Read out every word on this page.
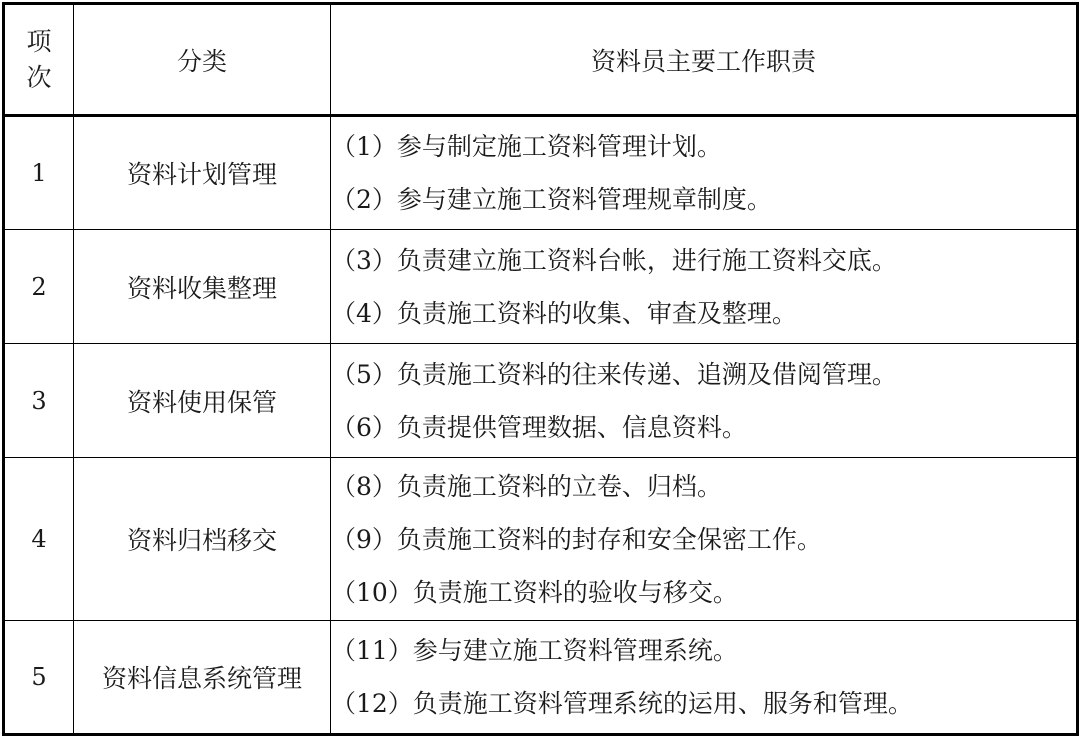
项次	分类	资料员主要工作职责
1	资料计划管理	（1）参与制定施工资料管理计划。
（2）参与建立施工资料管理规章制度。

2	资料收集整理	（3）负责建立施工资料台帐，进行施工资料交底。
（4）负责施工资料的收集、审查及整理。

3	资料使用保管	（5）负责施工资料的往来传递、追溯及借阅管理。
（6）负责提供管理数据、信息资料。

4	资料归档移交	（8）负责施工资料的立卷、归档。
（9）负责施工资料的封存和安全保密工作。
（10）负责施工资料的验收与移交。

5	资料信息系统管理	（11）参与建立施工资料管理系统。
（12）负责施工资料管理系统的运用、服务和管理。
